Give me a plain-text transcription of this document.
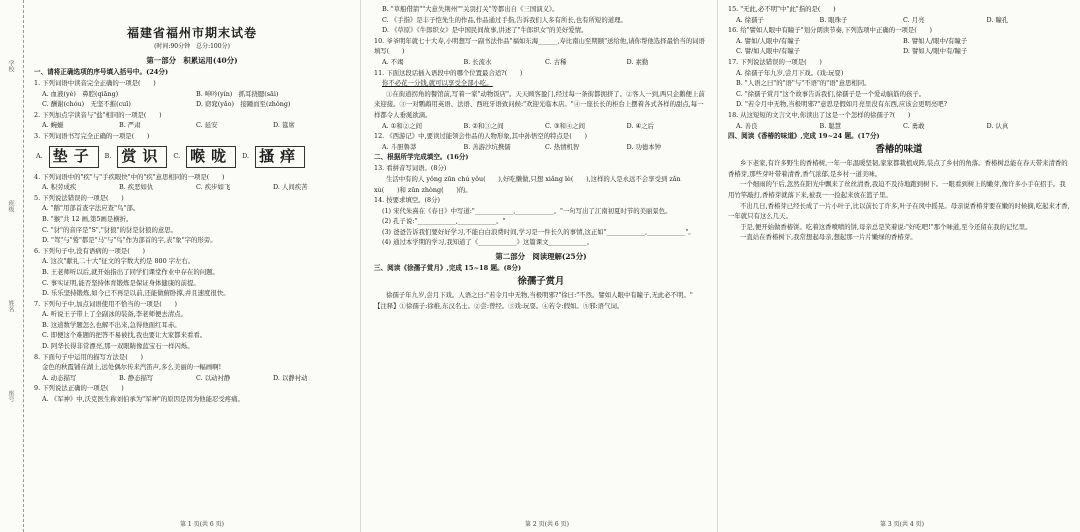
学校
班级
姓名
座号
福建省福州市期末试卷
(时间:90分钟　总分:100分)
第一部分　积累运用(40分)
一、请将正确选项的序号填入括号中。(24分)
1. 下列词语中读音完全正确的一项是(　　)
A. 血液(yè)　鼻腔(qiāng)	B. 呻吟(yín)　抓耳挠腮(sāi)
C. 酬谢(chóu)　无坚不摧(cuī)	D. 窈窕(yǎo)　接踵而至(zhǒng)
2. 下列加点字读音与"盐"相同的一项是(　　)
A. 蜿蜒	B. 严肃	C. 延安	D. 筵席
3. 下列词语书写完全正确的一项是(　　)
A. 垫子	B. 赏识	C. 喉咙	D. 搔痒
4. 下列词语中的"疾"与"手疾眼快"中的"疾"意思相同的一项是(　　)
A. 积劳成疾	B. 疾恶如仇	C. 疾步如飞	D. 人间疾苦
5. 下列说法错误的一项是(　　)
A. "鹅"用部首查字法应查"鸟"部。
B. "猴"共 12 画,第5画是横折。
C. "豺"的音序是"S","豺狼"的豺是豺狼的意思。
D. "驾"与"鹫"都是"马"与"鸟"作为部首的字,表"象"字的形旁。
6. 下列句子中,没有语病的一项是(　　)
A. 这次"献礼二十大"征文的字数大约是 800 字左右。
B. 王老师听以后,就开始指出了同学们课堂作业中存在的问题。
C. 事实证明,能否坚持体育锻炼是保证身体健康的前提。
D. 乐乐坚持锻炼,如今已不再是以前,还能做俯卧撑,并且速度很快。
7. 下列句子中,加点词语使用不恰当的一项是(　　)
A. 听说王子带上了全副冰的装备,李老师便去清点。
B. 这道数学题怎么也解不出来,急得他面红耳赤。
C. 即便这个难题的把答不易被找,我也要让大家都来看看。
D. 阿华长得非常漂亮,那一双眼睛像蓝宝石一样闪烁。
8. 下面句子中运用的描写方法是(　　)
金色的秋霞铺在湖上,远处偶尔传来汽笛声,多么美丽的一幅画啊!
A. 动态描写	B. 静态描写	C. 以动衬静	D. 以静衬动
9. 下列说法正确的一项是(　　)
A. 《军神》中,沃克医生称刘伯承为"军神"的原因是因为他能忍受疼痛。
第 1 页(共 6 页)
B. "草船借箭""大意失荆州""关羽打关"等都出自《三国演义》。
C. 《手指》是丰子恺先生的作品,作品通过手指,告诉我们人多有所长,也有所短的道理。
D. 《草原》《牛郎织女》是中国民间故事,讲述了"牛郎织女"的美好爱情。
10. 爷爷明年就七十大寿,小明想写一副书法作品"福如东海______,寿比南山至期颐"送给他,请你帮他选择最恰当的词语填写(　　)
A. 不竭	B. 长流水	C. 古稀	D. 素勤
11. 下面这段话插入语段中的哪个位置最合适?(　　)
你不必花一分钱,就可以享受全部小吃。
①在街道拐角的餐馆前,写着一家"动物饭店"。天天顾客盈门,经过每一条街都拥挤了。②客人一到,两只企鹅便上前来迎接。③一对鹦鹉用英语、法语、西班牙语致问候:"欢迎光临本店。"④一座长长的柜台上摆着各式各样的甜点,每一样都令人垂涎欲滴。
A. ①和②之间	B. ②和③之间	C. ③和④之间	D. ④之后
12. 《西游记》中,要读过能领会作品的人物形象,其中孙悟空的特点是(　　)
A. 斗胆鲁莽	B. 善游沙坑携儒	C. 热情机智	D. 功德本钟
二、根据所学完成填空。(16分)
13. 看拼音写词语。(8分)
生活中有的人 yǒng zūn chú yǒu(　　),好吃懒做,只想 xiǎng lè(　　),这样的人是永远不会享受到 zǎn xù(　　)和 zūn zhòng(　　)的。
14. 按要求填空。(8分)
(1) 宋代朱熹在《春日》中写道:"____________,____________。"一句写出了江南初夏时节的美丽景色。
(2) 孔子说:"____________,____________。"
(3) 爸爸告诉我们要好好学习,不能白白浪费时间,学习是一件长久的事情,这正如"____________,____________"。
(4) 通过本学期的学习,我知道了《____________》这篇课文____________。
第二部分　阅读理解(25分)
三、阅读《徐孺子赏月》,完成 15~18 题。(8分)
徐孺子赏月
徐孺子年九岁,尝月下戏。人语之曰:"若令月中无物,当极明邪?"徐曰:"不然。譬如人眼中有瞳子,无此必不明。"
【注释】①徐孺子:徐稚,东汉名士。②尝:曾经。③戏:玩耍。④若令:假如。⑤邪:语气词。
第 2 页(共 6 页)
15. "无此,必不明"中"此"指的是(　　)
A. 徐孺子	B. 眼珠子	C. 月亮	D. 瞳孔
16. 给"譬如人眼中有瞳子"划分朗读节奏,下列选项中正确的一项是(　　)
A. 譬如/人眼中/有瞳子	B. 譬如人/眼中/有瞳子
C. 譬/如人眼中/有瞳子	D. 譬如人/眼中有/瞳子
17. 下列说法错误的一项是(　　)
A. 徐孺子年九岁,尝月下戏。(戏:玩耍)
B. "人语之曰"的"语"与"不语"的"语"意思相同。
C. "徐孺子赏月"这个故事告诉我们,徐孺子是一个爱动脑筋的孩子。
D. "若令月中无物,当极明邪?"意思是假如月亮里没有东西,应该会更明亮吧?
18. 从这短短的文言文中,你读出了这是一个怎样的徐孺子?(　　)
A. 善良	B. 聪慧	C. 勇敢	D. 认真
四、阅读《香椿的味道》,完成 19~24 题。(17分)
香椿的味道
乡下老家,有许多野生的香椿树,一年一年温暖坚韧,家家都栽植成阵,装点了乡村的角落。香椿树总能在春天带来清香的香椿芽,那些芽叶带着清香,香气浓郁,是乡村一道美味。
一个细雨的午后,忽然在阳光中飘来了丝丝清香,我迫不及待地跑到树下。一眼看到树上的嫩芽,像许多小手在招手。我用竹竿敲打,香椿芽就落下来,被我一一捡起来放在篮子里。
不出几日,香椿芽已经长成了一片小叶子,比以前长了许多,叶子在风中摇晃。母亲说香椿芽要在嫩的时候摘,吃起来才香,一年就只有这么几天。
于是,便开始做香椿饼。吃着这香喷喷的饼,母亲总是笑着说:"好吃吧!"那个味道,至今还留在我的记忆里。
一直站在香椿树下,我常想起母亲,想起那一片片嫩绿的香椿芽。
第 3 页(共 4 页)
